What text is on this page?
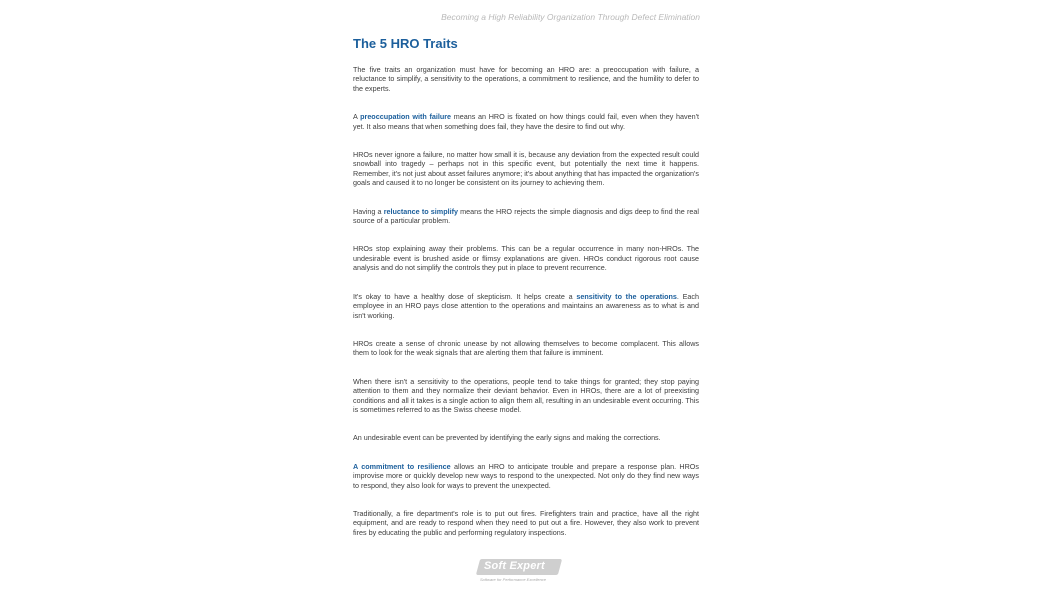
Becoming a High Reliability Organization Through Defect Elimination
The 5 HRO Traits

The five traits an organization must have for becoming an HRO are: a preoccupation with failure, a reluctance to simplify, a sensitivity to the operations, a commitment to resilience, and the humility to defer to the experts.

A preoccupation with failure means an HRO is fixated on how things could fail, even when they haven't yet. It also means that when something does fail, they have the desire to find out why.

HROs never ignore a failure, no matter how small it is, because any deviation from the expected result could snowball into tragedy – perhaps not in this specific event, but potentially the next time it happens. Remember, it's not just about asset failures anymore; it's about anything that has impacted the organization's goals and caused it to no longer be consistent on its journey to achieving them.

Having a reluctance to simplify means the HRO rejects the simple diagnosis and digs deep to find the real source of a particular problem.

HROs stop explaining away their problems. This can be a regular occurrence in many non-HROs. The undesirable event is brushed aside or flimsy explanations are given. HROs conduct rigorous root cause analysis and do not simplify the controls they put in place to prevent recurrence.

It's okay to have a healthy dose of skepticism. It helps create a sensitivity to the operations. Each employee in an HRO pays close attention to the operations and maintains an awareness as to what is and isn't working.

HROs create a sense of chronic unease by not allowing themselves to become complacent. This allows them to look for the weak signals that are alerting them that failure is imminent.

When there isn't a sensitivity to the operations, people tend to take things for granted; they stop paying attention to them and they normalize their deviant behavior. Even in HROs, there are a lot of preexisting conditions and all it takes is a single action to align them all, resulting in an undesirable event occurring. This is sometimes referred to as the Swiss cheese model.

An undesirable event can be prevented by identifying the early signs and making the corrections.

A commitment to resilience allows an HRO to anticipate trouble and prepare a response plan. HROs improvise more or quickly develop new ways to respond to the unexpected. Not only do they find new ways to respond, they also look for ways to prevent the unexpected.

Traditionally, a fire department's role is to put out fires. Firefighters train and practice, have all the right equipment, and are ready to respond when they need to put out a fire. However, they also work to prevent fires by educating the public and performing regulatory inspections.

Soft Expert
Software for Performance Excellence
